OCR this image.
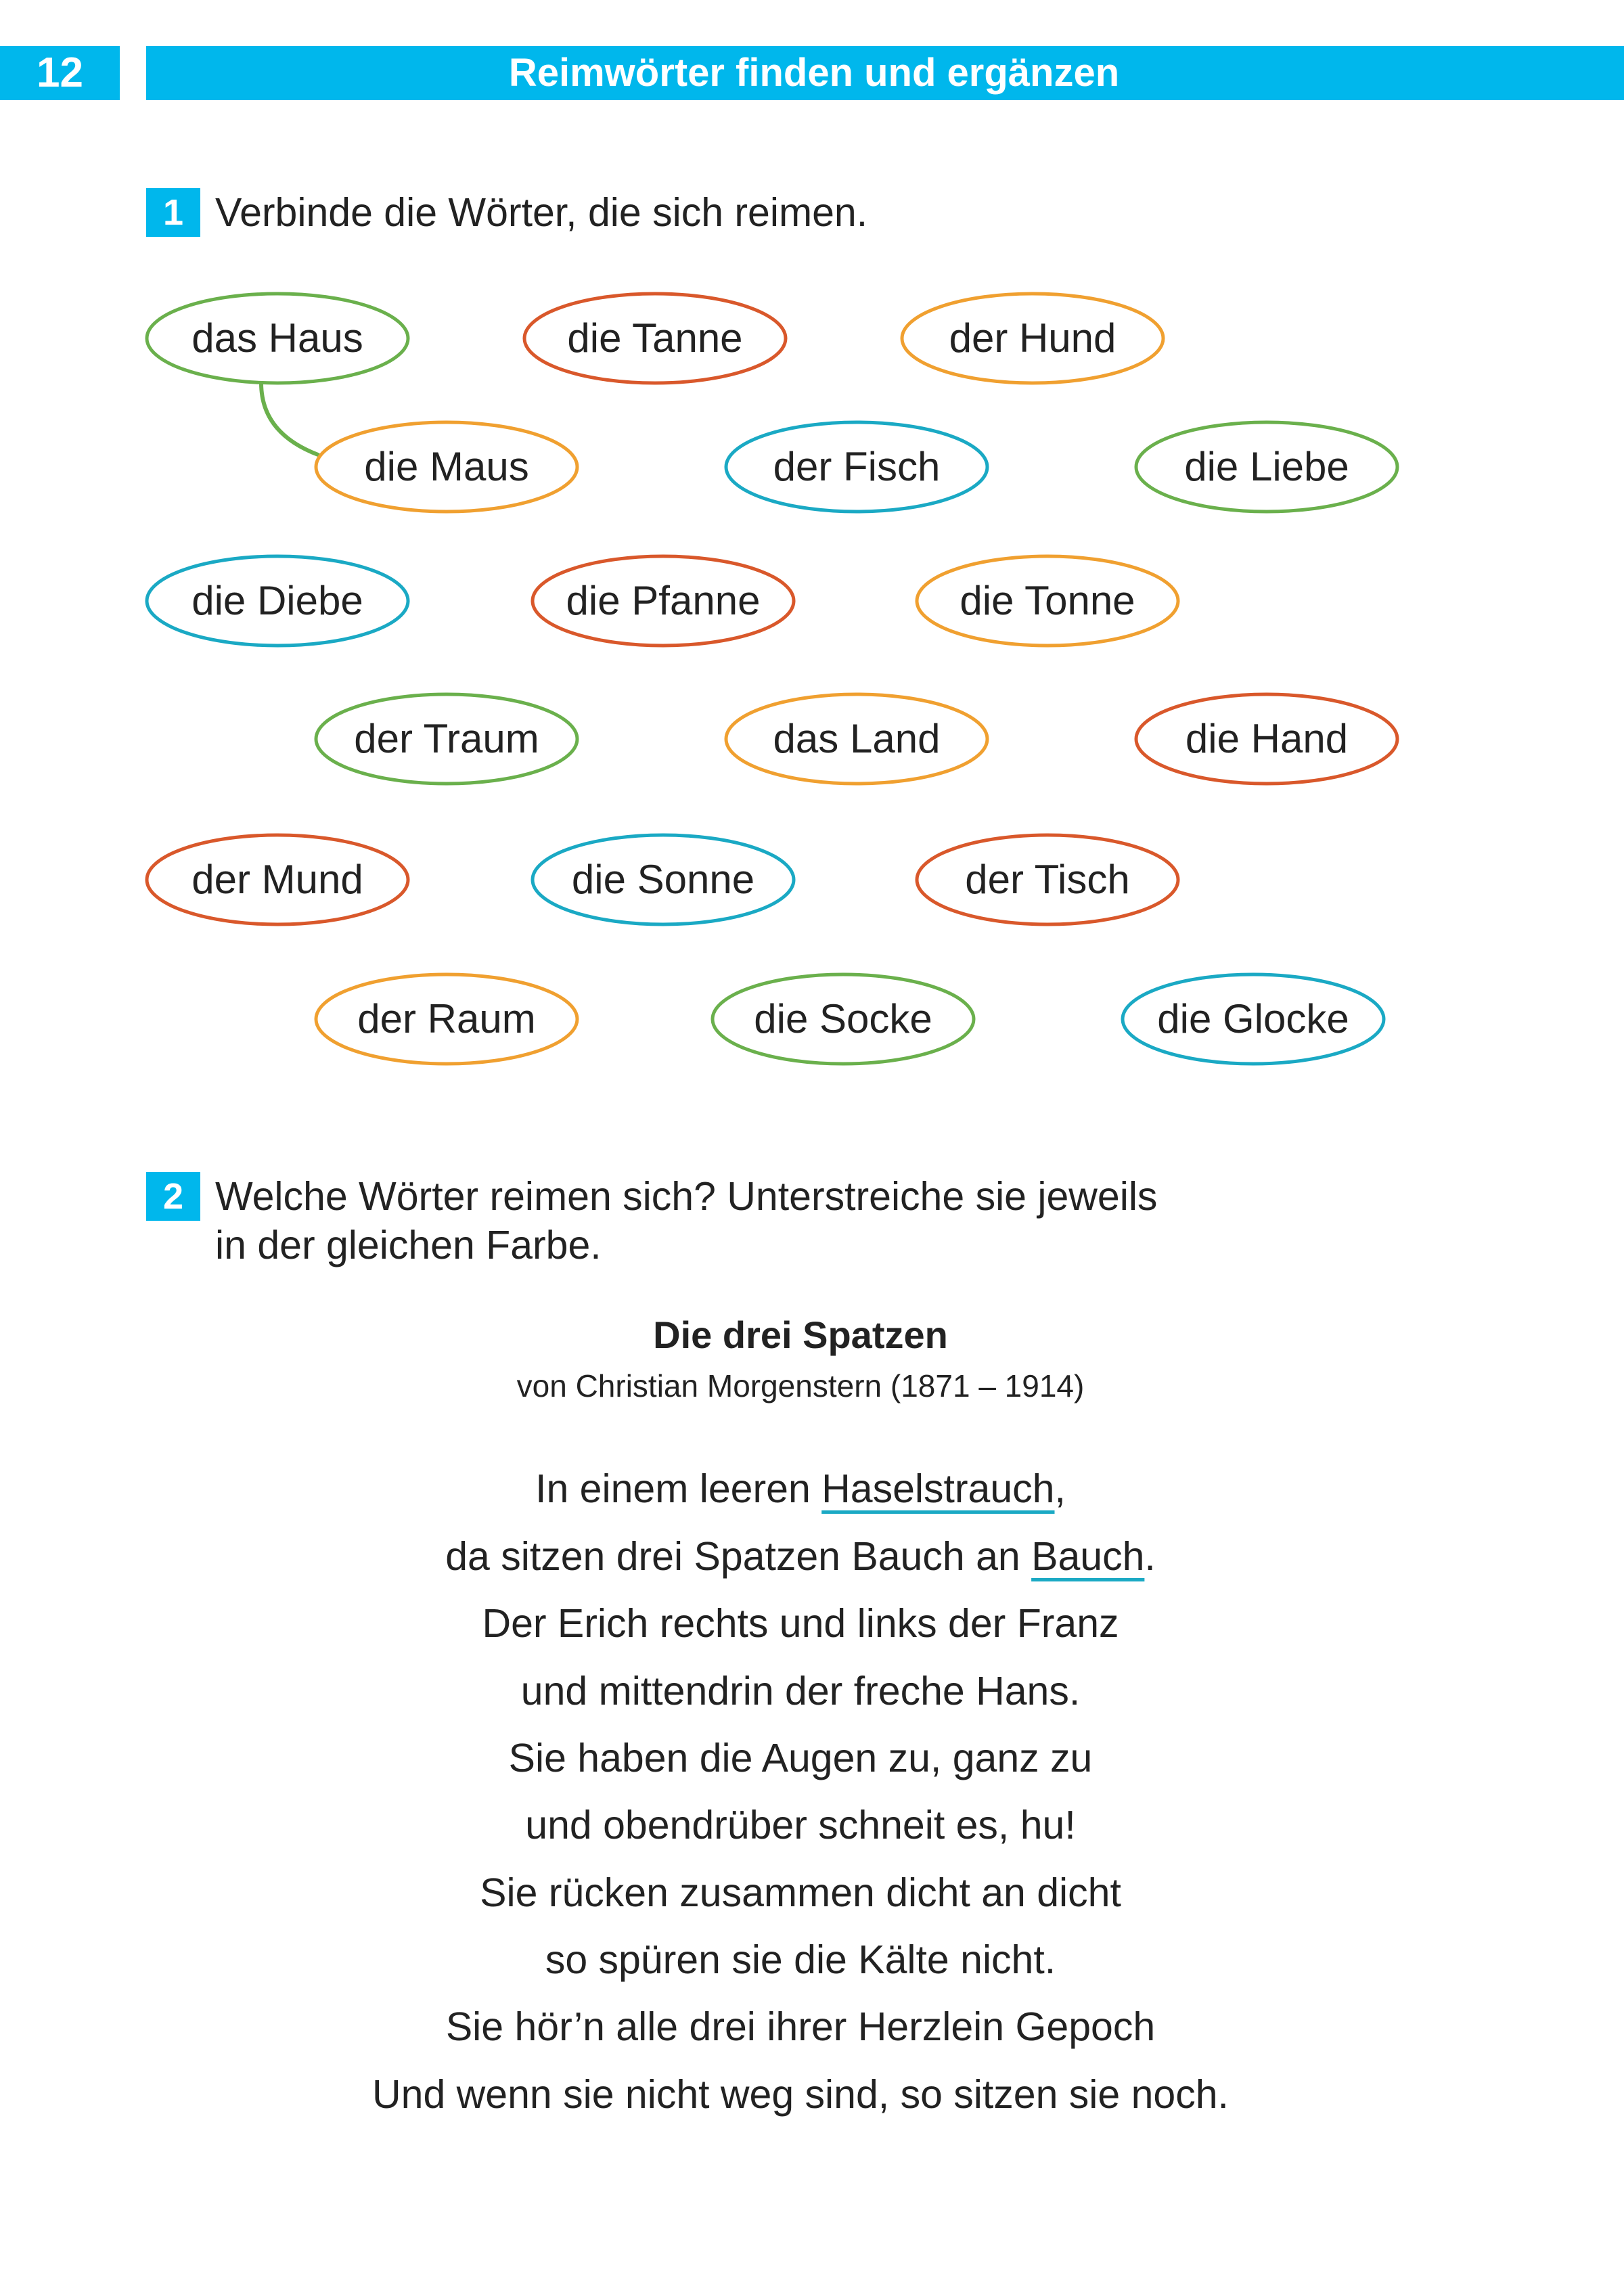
12	Reimwörter finden und ergänzen
1 Verbinde die Wörter, die sich reimen.
das Haus	die Tanne	der Hund
die Maus	der Fisch	die Liebe
die Diebe	die Pfanne	die Tonne
der Traum	das Land	die Hand
der Mund	die Sonne	der Tisch
der Raum	die Socke	die Glocke
2 Welche Wörter reimen sich? Unterstreiche sie jeweils
in der gleichen Farbe.
Die drei Spatzen
von Christian Morgenstern (1871 – 1914)
In einem leeren Haselstrauch,
da sitzen drei Spatzen Bauch an Bauch.
Der Erich rechts und links der Franz
und mittendrin der freche Hans.
Sie haben die Augen zu, ganz zu
und obendrüber schneit es, hu!
Sie rücken zusammen dicht an dicht
so spüren sie die Kälte nicht.
Sie hör’n alle drei ihrer Herzlein Gepoch
Und wenn sie nicht weg sind, so sitzen sie noch.
